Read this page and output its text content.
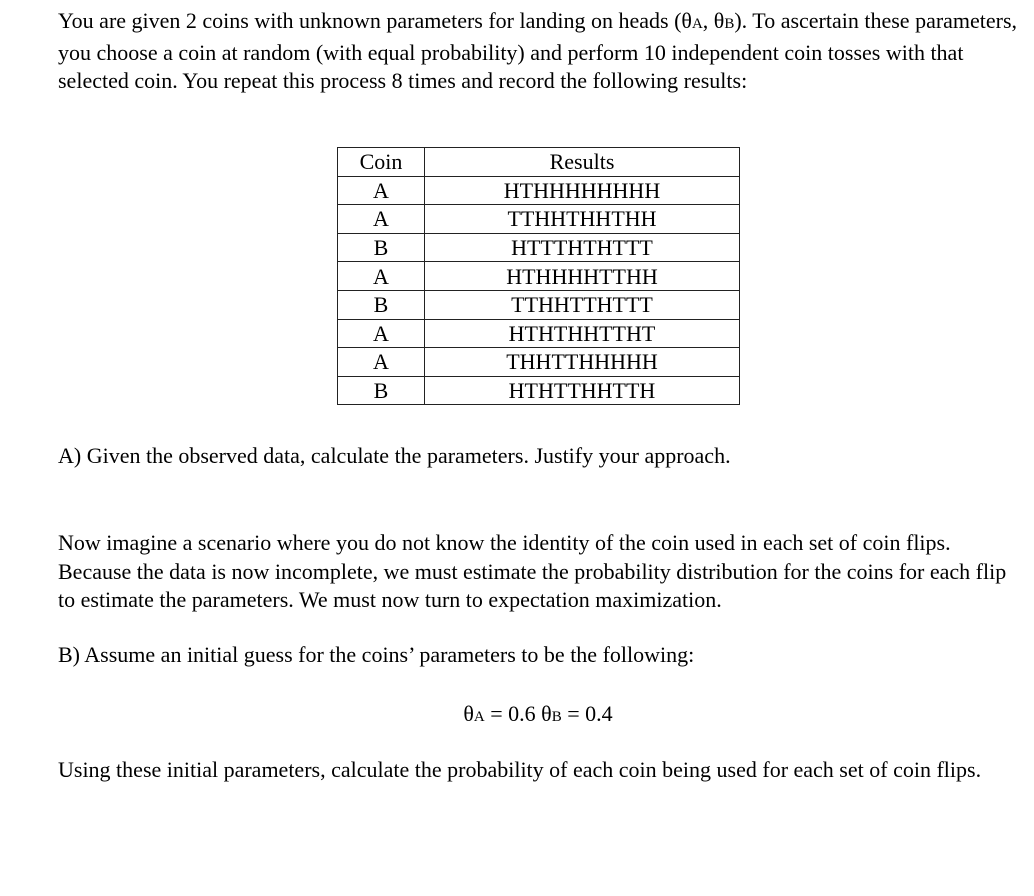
You are given 2 coins with unknown parameters for landing on heads (θA, θB). To ascertain these parameters, you choose a coin at random (with equal probability) and perform 10 independent coin tosses with that selected coin. You repeat this process 8 times and record the following results:

Coin	Results
A	HTHHHHHHHH
A	TTHHTHHTHH
B	HTTTHTHTTT
A	HTHHHHTTHH
B	TTHHTTHTTT
A	HTHTHHTTHT
A	THHTTHHHHH
B	HTHTTHHTTH

A) Given the observed data, calculate the parameters. Justify your approach.

Now imagine a scenario where you do not know the identity of the coin used in each set of coin flips. Because the data is now incomplete, we must estimate the probability distribution for the coins for each flip to estimate the parameters. We must now turn to expectation maximization.

B) Assume an initial guess for the coins’ parameters to be the following:

θA = 0.6 θB = 0.4

Using these initial parameters, calculate the probability of each coin being used for each set of coin flips.
